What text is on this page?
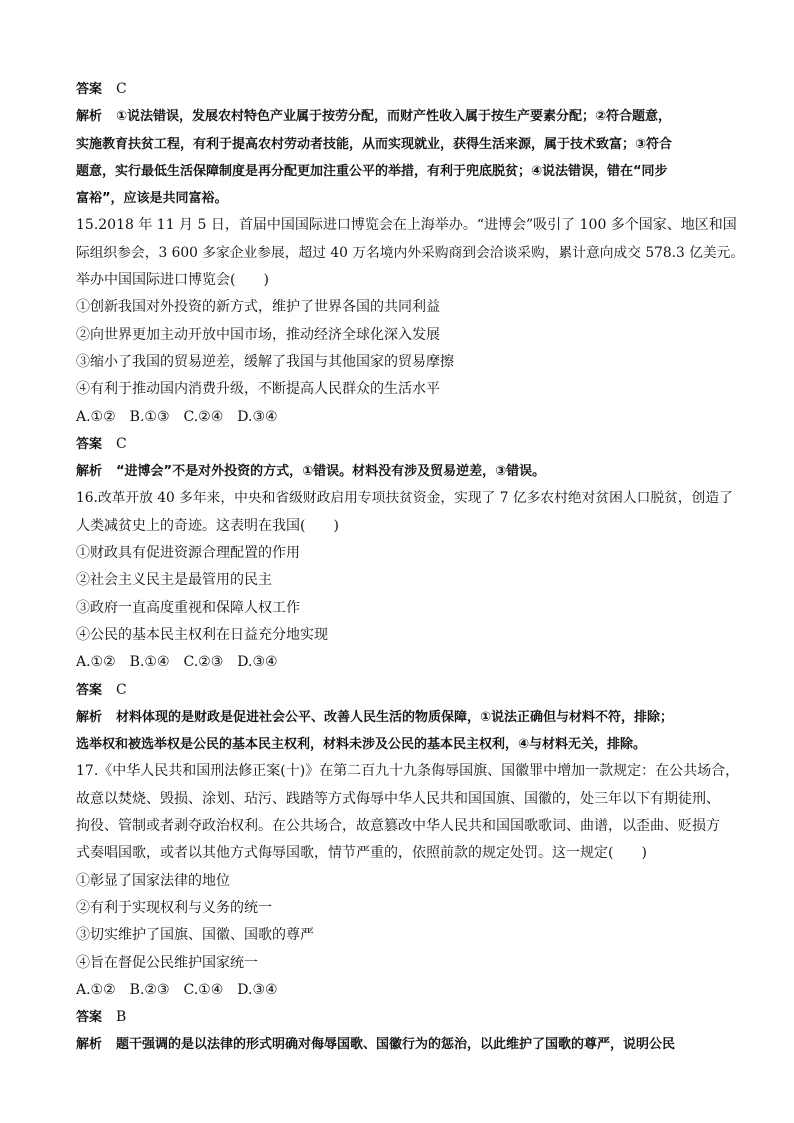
答案 C
解析 ①说法错误，发展农村特色产业属于按劳分配，而财产性收入属于按生产要素分配；②符合题意，
实施教育扶贫工程，有利于提高农村劳动者技能，从而实现就业，获得生活来源，属于技术致富；③符合
题意，实行最低生活保障制度是再分配更加注重公平的举措，有利于兜底脱贫；④说法错误，错在“同步
富裕”，应该是共同富裕。
15.2018 年 11 月 5 日，首届中国国际进口博览会在上海举办。“进博会”吸引了 100 多个国家、地区和国
际组织参会，3 600 多家企业参展，超过 40 万名境内外采购商到会洽谈采购，累计意向成交 578.3 亿美元。
举办中国国际进口博览会(　　)
①创新我国对外投资的新方式，维护了世界各国的共同利益
②向世界更加主动开放中国市场，推动经济全球化深入发展
③缩小了我国的贸易逆差，缓解了我国与其他国家的贸易摩擦
④有利于推动国内消费升级，不断提高人民群众的生活水平
A.①②　B.①③　C.②④　D.③④
答案 C
解析 “进博会”不是对外投资的方式，①错误。材料没有涉及贸易逆差，③错误。
16.改革开放 40 多年来，中央和省级财政启用专项扶贫资金，实现了 7 亿多农村绝对贫困人口脱贫，创造了
人类减贫史上的奇迹。这表明在我国(　　)
①财政具有促进资源合理配置的作用
②社会主义民主是最管用的民主
③政府一直高度重视和保障人权工作
④公民的基本民主权利在日益充分地实现
A.①②　B.①④　C.②③　D.③④
答案 C
解析 材料体现的是财政是促进社会公平、改善人民生活的物质保障，①说法正确但与材料不符，排除；
选举权和被选举权是公民的基本民主权利，材料未涉及公民的基本民主权利，④与材料无关，排除。
17.《中华人民共和国刑法修正案(十)》在第二百九十九条侮辱国旗、国徽罪中增加一款规定：在公共场合，
故意以焚烧、毁损、涂划、玷污、践踏等方式侮辱中华人民共和国国旗、国徽的，处三年以下有期徒刑、
拘役、管制或者剥夺政治权利。在公共场合，故意篡改中华人民共和国国歌歌词、曲谱，以歪曲、贬损方
式奏唱国歌，或者以其他方式侮辱国歌，情节严重的，依照前款的规定处罚。这一规定(　　)
①彰显了国家法律的地位
②有利于实现权利与义务的统一
③切实维护了国旗、国徽、国歌的尊严
④旨在督促公民维护国家统一
A.①②　B.②③　C.①④　D.③④
答案 B
解析 题干强调的是以法律的形式明确对侮辱国歌、国徽行为的惩治，以此维护了国歌的尊严，说明公民
